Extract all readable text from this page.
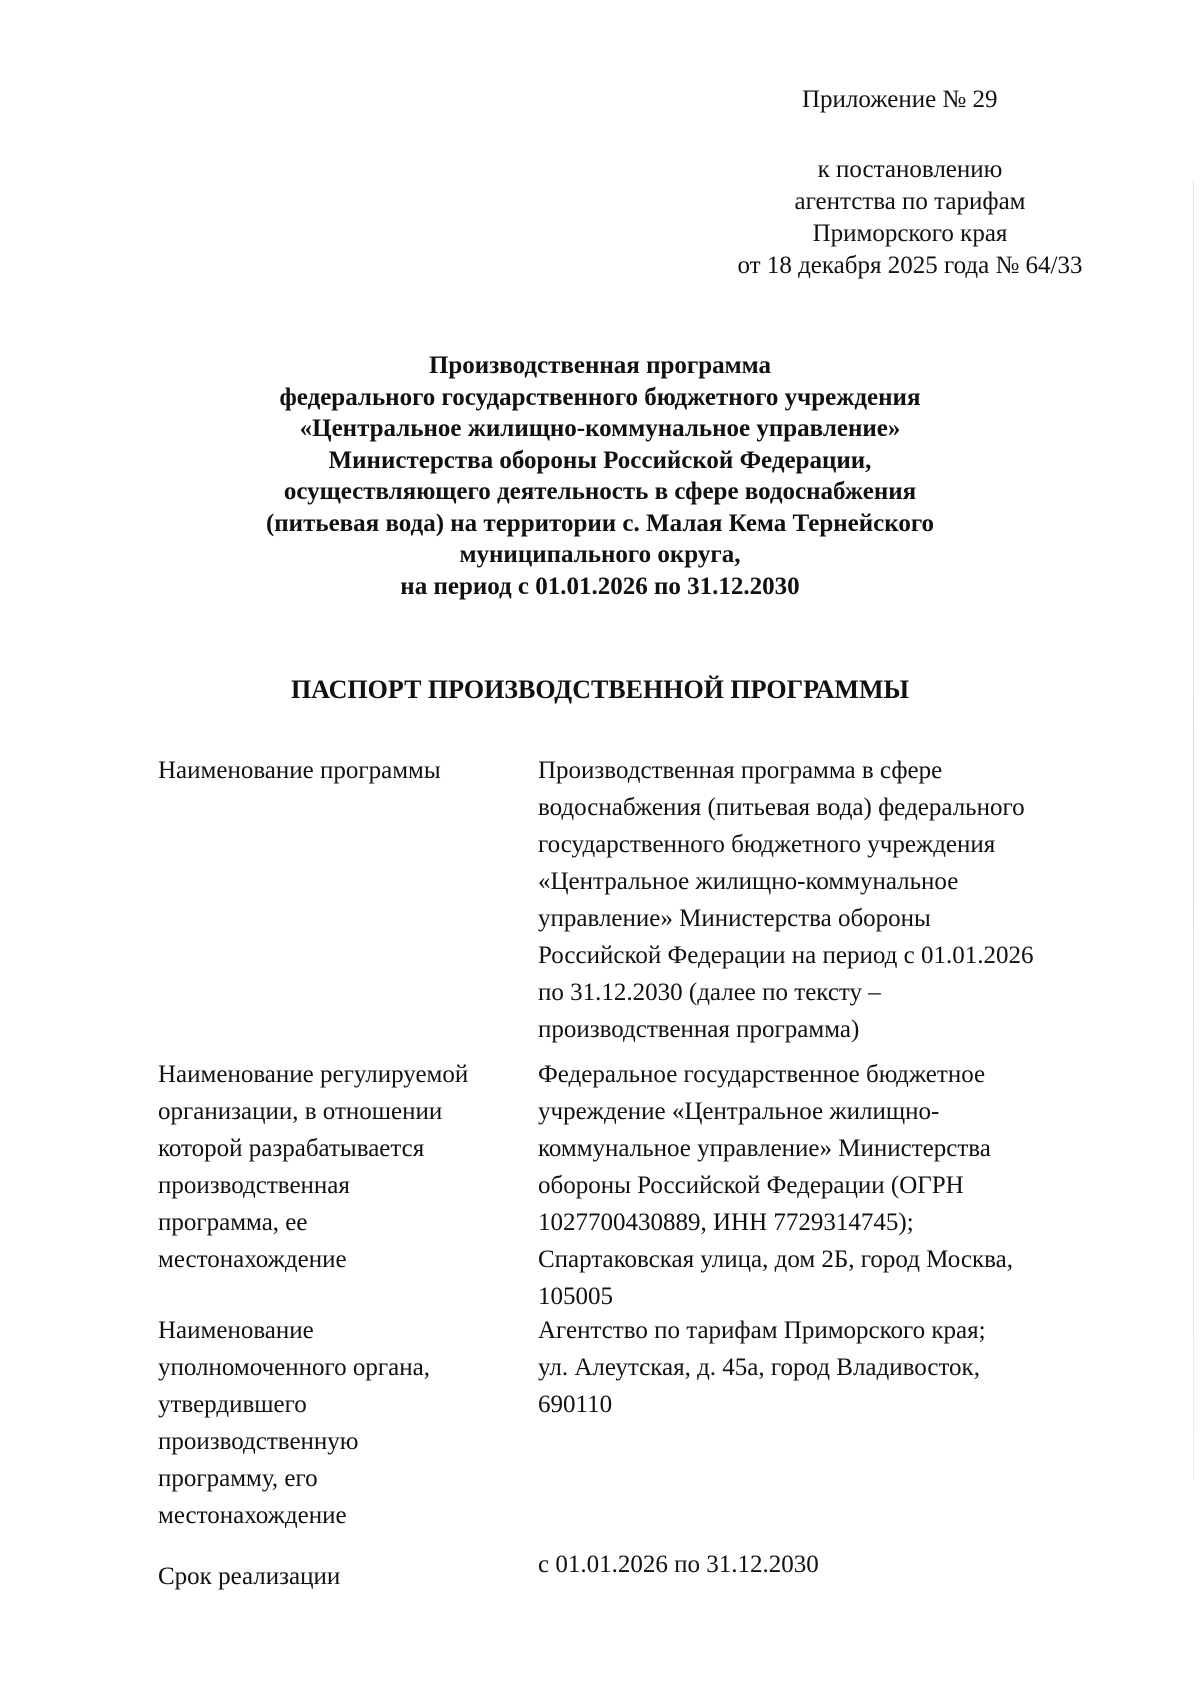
Приложение № 29
к постановлению
агентства по тарифам
Приморского края
от 18 декабря 2025 года № 64/33
Производственная программа
федерального государственного бюджетного учреждения
«Центральное жилищно-коммунальное управление»
Министерства обороны Российской Федерации,
осуществляющего деятельность в сфере водоснабжения
(питьевая вода) на территории с. Малая Кема Тернейского
муниципального округа,
на период с 01.01.2026 по 31.12.2030
ПАСПОРТ ПРОИЗВОДСТВЕННОЙ ПРОГРАММЫ
Наименование программы	Производственная программа в сфере
водоснабжения (питьевая вода) федерального
государственного бюджетного учреждения
«Центральное жилищно-коммунальное
управление» Министерства обороны
Российской Федерации на период с 01.01.2026
по 31.12.2030 (далее по тексту –
производственная программа)
Наименование регулируемой
организации, в отношении
которой разрабатывается
производственная
программа, ее
местонахождение
Федеральное государственное бюджетное
учреждение «Центральное жилищно-
коммунальное управление» Министерства
обороны Российской Федерации (ОГРН
1027700430889, ИНН 7729314745);
Спартаковская улица, дом 2Б, город Москва,
105005
Наименование
уполномоченного органа,
утвердившего
производственную
программу, его
местонахождение
Агентство по тарифам Приморского края;
ул. Алеутская, д. 45а, город Владивосток,
690110
Срок реализации	с 01.01.2026 по 31.12.2030
